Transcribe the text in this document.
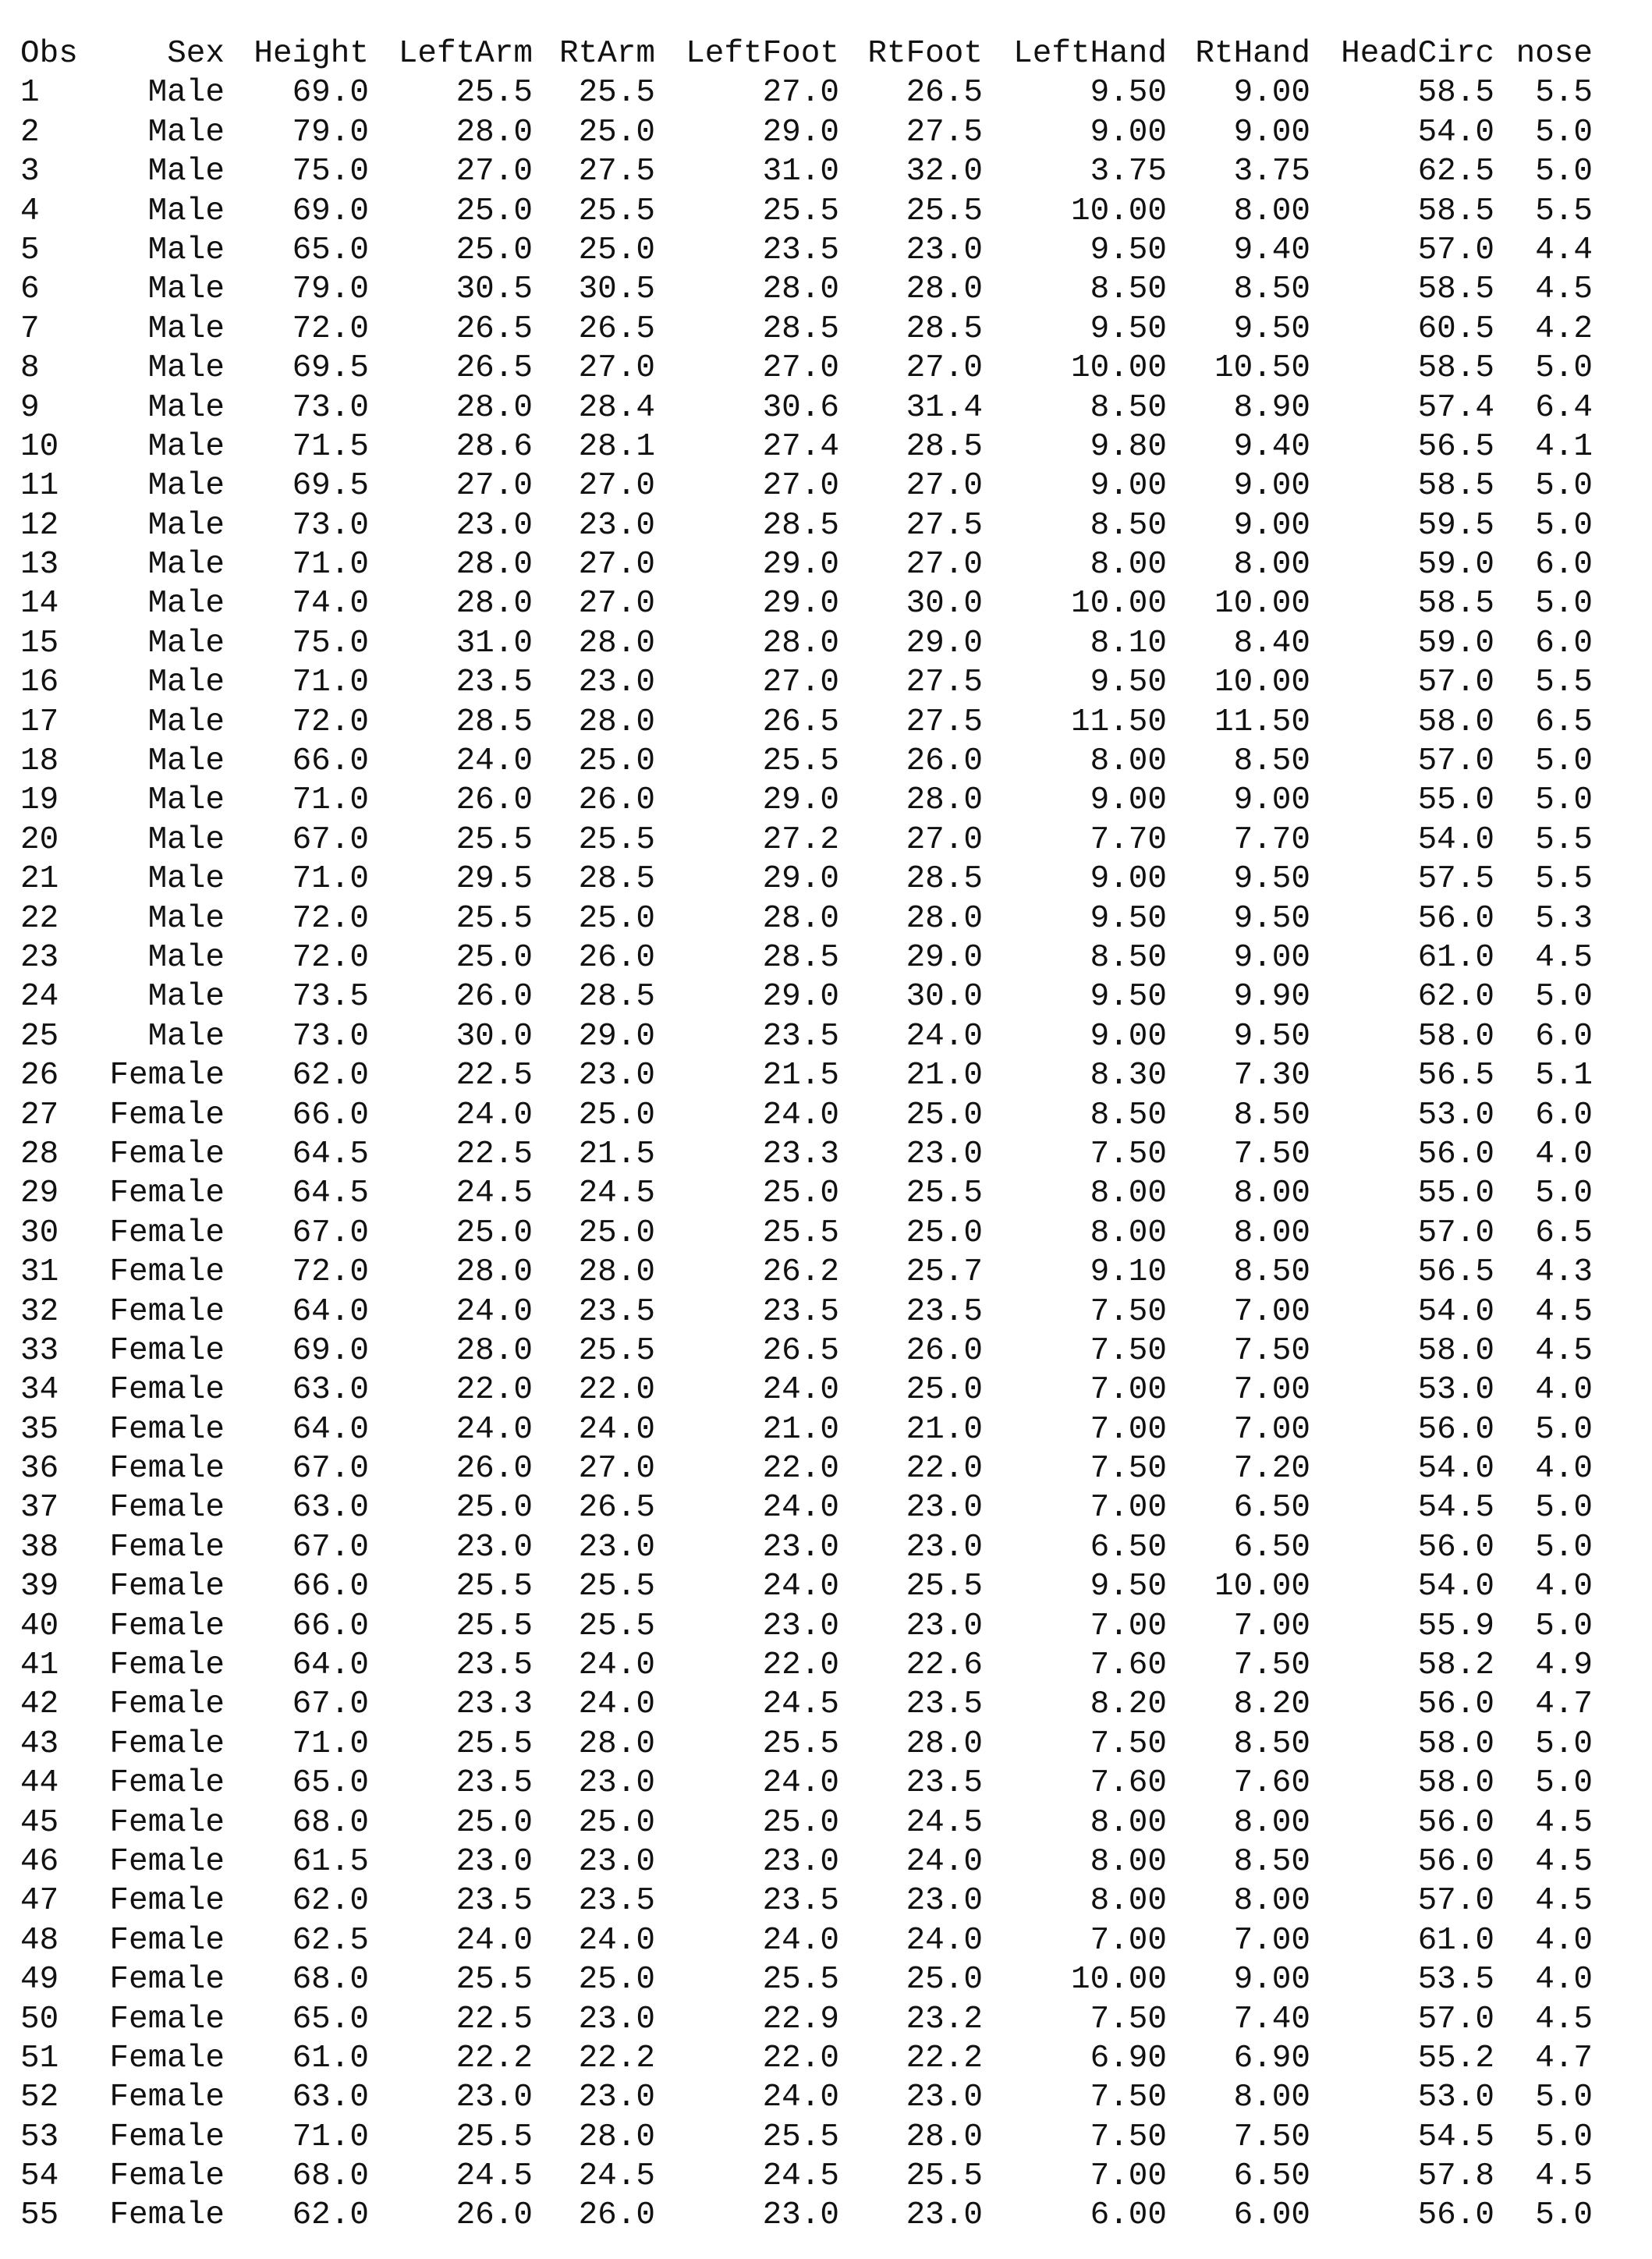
Obs	Sex Height LeftArm RtArm LeftFoot RtFoot LeftHand RtHand HeadCirc nose
1	Male	69.0	25.5	25.5	27.0	26.5	9.50	9.00	58.5	5.5
2	Male	79.0	28.0	25.0	29.0	27.5	9.00	9.00	54.0	5.0
3	Male	75.0	27.0	27.5	31.0	32.0	3.75	3.75	62.5	5.0
4	Male	69.0	25.0	25.5	25.5	25.5	10.00	8.00	58.5	5.5
5	Male	65.0	25.0	25.0	23.5	23.0	9.50	9.40	57.0	4.4
6	Male	79.0	30.5	30.5	28.0	28.0	8.50	8.50	58.5	4.5
7	Male	72.0	26.5	26.5	28.5	28.5	9.50	9.50	60.5	4.2
8	Male	69.5	26.5	27.0	27.0	27.0	10.00	10.50	58.5	5.0
9	Male	73.0	28.0	28.4	30.6	31.4	8.50	8.90	57.4	6.4
10	Male	71.5	28.6	28.1	27.4	28.5	9.80	9.40	56.5	4.1
11	Male	69.5	27.0	27.0	27.0	27.0	9.00	9.00	58.5	5.0
12	Male	73.0	23.0	23.0	28.5	27.5	8.50	9.00	59.5	5.0
13	Male	71.0	28.0	27.0	29.0	27.0	8.00	8.00	59.0	6.0
14	Male	74.0	28.0	27.0	29.0	30.0	10.00	10.00	58.5	5.0
15	Male	75.0	31.0	28.0	28.0	29.0	8.10	8.40	59.0	6.0
16	Male	71.0	23.5	23.0	27.0	27.5	9.50	10.00	57.0	5.5
17	Male	72.0	28.5	28.0	26.5	27.5	11.50	11.50	58.0	6.5
18	Male	66.0	24.0	25.0	25.5	26.0	8.00	8.50	57.0	5.0
19	Male	71.0	26.0	26.0	29.0	28.0	9.00	9.00	55.0	5.0
20	Male	67.0	25.5	25.5	27.2	27.0	7.70	7.70	54.0	5.5
21	Male	71.0	29.5	28.5	29.0	28.5	9.00	9.50	57.5	5.5
22	Male	72.0	25.5	25.0	28.0	28.0	9.50	9.50	56.0	5.3
23	Male	72.0	25.0	26.0	28.5	29.0	8.50	9.00	61.0	4.5
24	Male	73.5	26.0	28.5	29.0	30.0	9.50	9.90	62.0	5.0
25	Male	73.0	30.0	29.0	23.5	24.0	9.00	9.50	58.0	6.0
26	Female	62.0	22.5	23.0	21.5	21.0	8.30	7.30	56.5	5.1
27	Female	66.0	24.0	25.0	24.0	25.0	8.50	8.50	53.0	6.0
28	Female	64.5	22.5	21.5	23.3	23.0	7.50	7.50	56.0	4.0
29	Female	64.5	24.5	24.5	25.0	25.5	8.00	8.00	55.0	5.0
30	Female	67.0	25.0	25.0	25.5	25.0	8.00	8.00	57.0	6.5
31	Female	72.0	28.0	28.0	26.2	25.7	9.10	8.50	56.5	4.3
32	Female	64.0	24.0	23.5	23.5	23.5	7.50	7.00	54.0	4.5
33	Female	69.0	28.0	25.5	26.5	26.0	7.50	7.50	58.0	4.5
34	Female	63.0	22.0	22.0	24.0	25.0	7.00	7.00	53.0	4.0
35	Female	64.0	24.0	24.0	21.0	21.0	7.00	7.00	56.0	5.0
36	Female	67.0	26.0	27.0	22.0	22.0	7.50	7.20	54.0	4.0
37	Female	63.0	25.0	26.5	24.0	23.0	7.00	6.50	54.5	5.0
38	Female	67.0	23.0	23.0	23.0	23.0	6.50	6.50	56.0	5.0
39	Female	66.0	25.5	25.5	24.0	25.5	9.50	10.00	54.0	4.0
40	Female	66.0	25.5	25.5	23.0	23.0	7.00	7.00	55.9	5.0
41	Female	64.0	23.5	24.0	22.0	22.6	7.60	7.50	58.2	4.9
42	Female	67.0	23.3	24.0	24.5	23.5	8.20	8.20	56.0	4.7
43	Female	71.0	25.5	28.0	25.5	28.0	7.50	8.50	58.0	5.0
44	Female	65.0	23.5	23.0	24.0	23.5	7.60	7.60	58.0	5.0
45	Female	68.0	25.0	25.0	25.0	24.5	8.00	8.00	56.0	4.5
46	Female	61.5	23.0	23.0	23.0	24.0	8.00	8.50	56.0	4.5
47	Female	62.0	23.5	23.5	23.5	23.0	8.00	8.00	57.0	4.5
48	Female	62.5	24.0	24.0	24.0	24.0	7.00	7.00	61.0	4.0
49	Female	68.0	25.5	25.0	25.5	25.0	10.00	9.00	53.5	4.0
50	Female	65.0	22.5	23.0	22.9	23.2	7.50	7.40	57.0	4.5
51	Female	61.0	22.2	22.2	22.0	22.2	6.90	6.90	55.2	4.7
52	Female	63.0	23.0	23.0	24.0	23.0	7.50	8.00	53.0	5.0
53	Female	71.0	25.5	28.0	25.5	28.0	7.50	7.50	54.5	5.0
54	Female	68.0	24.5	24.5	24.5	25.5	7.00	6.50	57.8	4.5
55	Female	62.0	26.0	26.0	23.0	23.0	6.00	6.00	56.0	5.0
